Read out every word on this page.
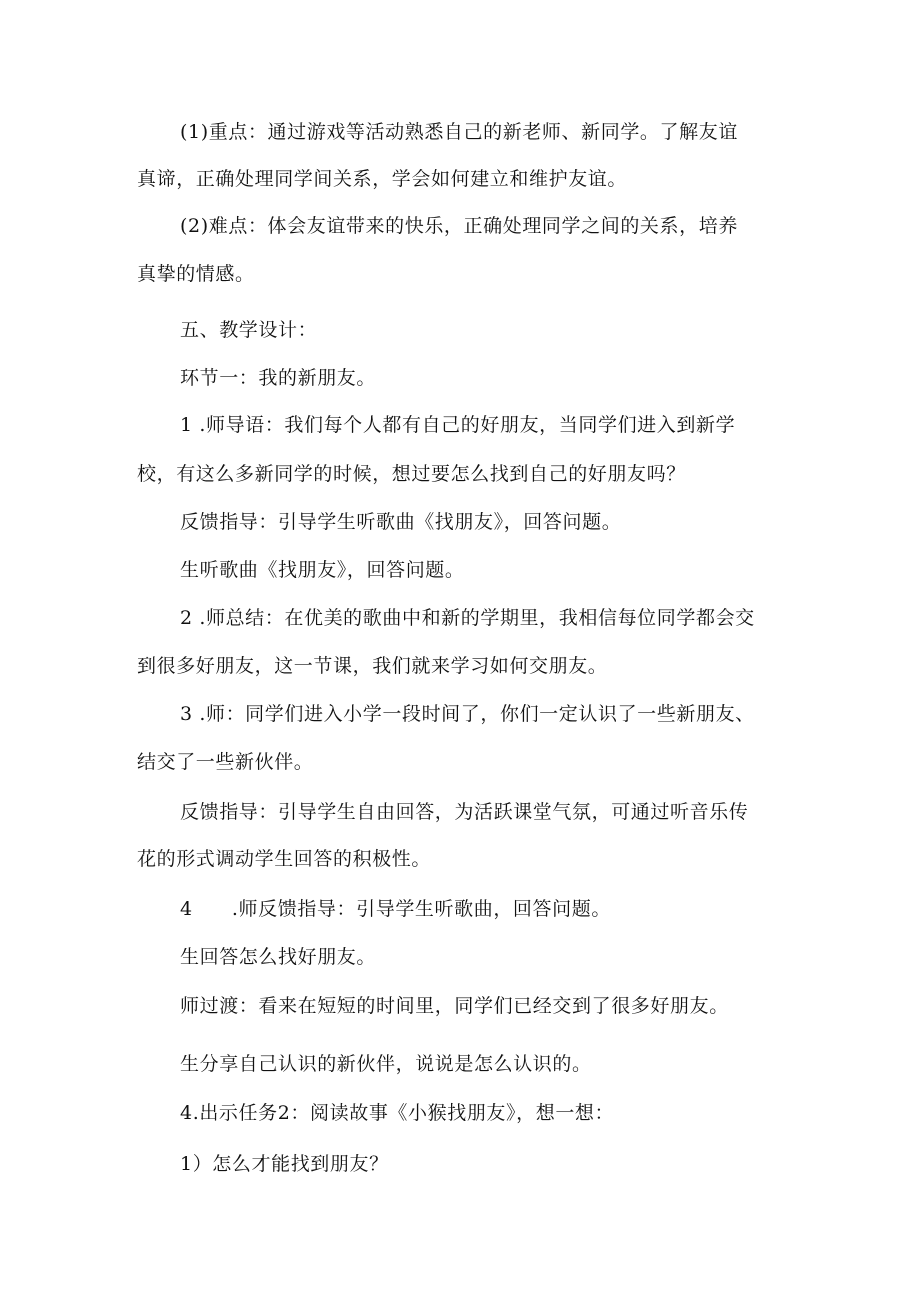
(1)重点：通过游戏等活动熟悉自己的新老师、新同学。了解友谊
真谛，正确处理同学间关系，学会如何建立和维护友谊。
(2)难点：体会友谊带来的快乐，正确处理同学之间的关系，培养
真挚的情感。
五、教学设计：
环节一：我的新朋友。
1 .师导语：我们每个人都有自己的好朋友，当同学们进入到新学
校，有这么多新同学的时候，想过要怎么找到自己的好朋友吗？
反馈指导：引导学生听歌曲《找朋友》，回答问题。
生听歌曲《找朋友》，回答问题。
2 .师总结：在优美的歌曲中和新的学期里，我相信每位同学都会交
到很多好朋友，这一节课，我们就来学习如何交朋友。
3 .师：同学们进入小学一段时间了，你们一定认识了一些新朋友、
结交了一些新伙伴。
反馈指导：引导学生自由回答，为活跃课堂气氛，可通过听音乐传
花的形式调动学生回答的积极性。
4　　.师反馈指导：引导学生听歌曲，回答问题。
生回答怎么找好朋友。
师过渡：看来在短短的时间里，同学们已经交到了很多好朋友。
生分享自己认识的新伙伴，说说是怎么认识的。
4.出示任务2：阅读故事《小猴找朋友》，想一想：
1）怎么才能找到朋友？
